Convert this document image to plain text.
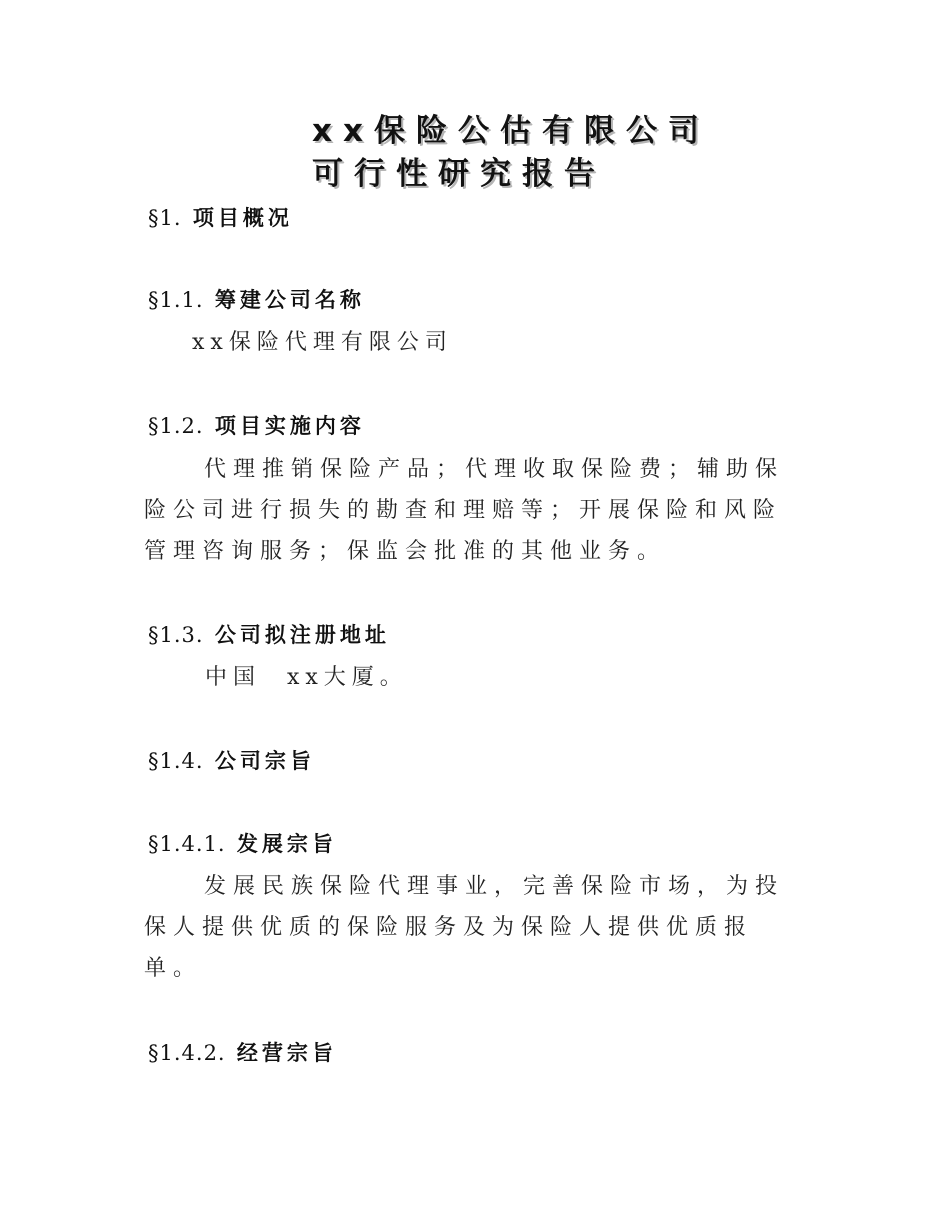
xx保险公估有限公司
可行性研究报告
§1. 项目概况
§1.1. 筹建公司名称
xx保险代理有限公司
§1.2. 项目实施内容

代理推销保险产品；代理收取保险费；辅助保险公司进行损失的勘查和理赔等；开展保险和风险管理咨询服务；保监会批准的其他业务。

§1.3. 公司拟注册地址
中国  xx大厦。
§1.4. 公司宗旨
§1.4.1. 发展宗旨

发展民族保险代理事业，完善保险市场，为投保人提供优质的保险服务及为保险人提供优质报单。

§1.4.2. 经营宗旨
